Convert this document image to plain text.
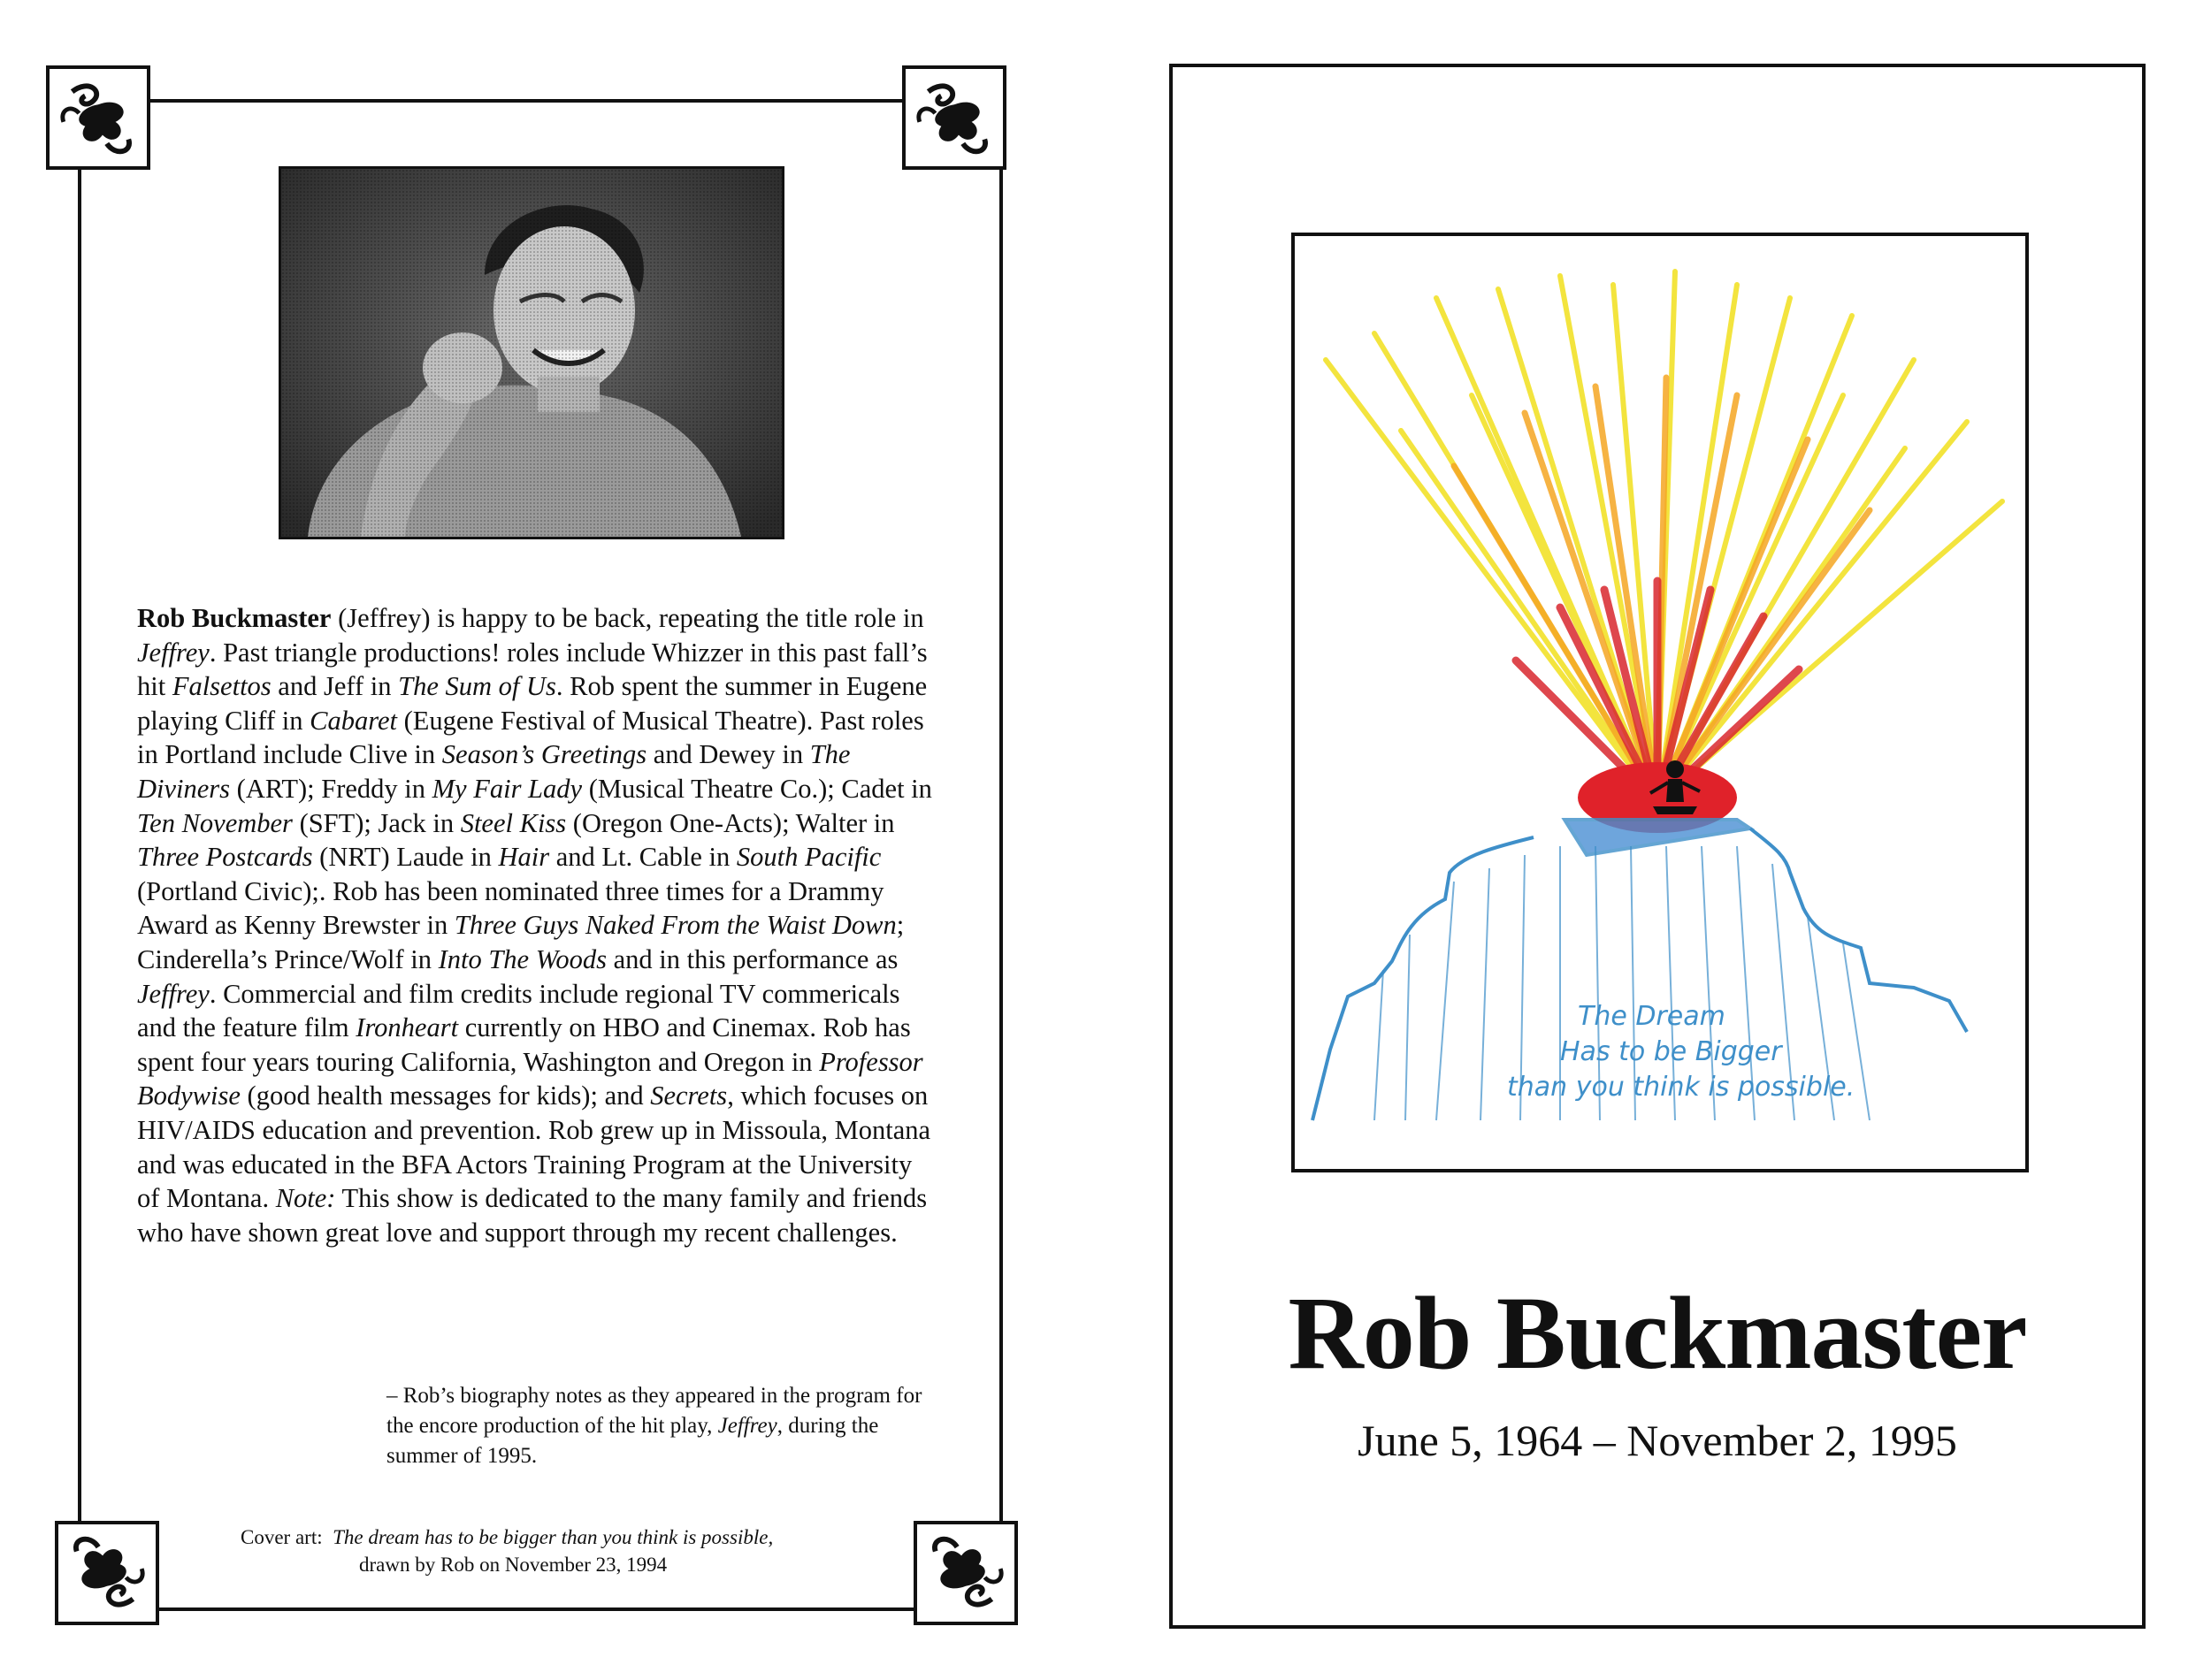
Rob Buckmaster (Jeffrey) is happy to be back, repeating the title role in Jeffrey. Past triangle productions! roles include Whizzer in this past fall’s hit Falsettos and Jeff in The Sum of Us. Rob spent the summer in Eugene playing Cliff in Cabaret (Eugene Festival of Musical Theatre). Past roles in Portland include Clive in Season’s Greetings and Dewey in The Diviners (ART); Freddy in My Fair Lady (Musical Theatre Co.); Cadet in Ten November (SFT); Jack in Steel Kiss (Oregon One-Acts); Walter in Three Postcards (NRT) Laude in Hair and Lt. Cable in South Pacific (Portland Civic);. Rob has been nominated three times for a Drammy Award as Kenny Brewster in Three Guys Naked From the Waist Down; Cinderella’s Prince/Wolf in Into The Woods and in this performance as Jeffrey. Commercial and film credits include regional TV commericals and the feature film Ironheart currently on HBO and Cinemax. Rob has spent four years touring California, Washington and Oregon in Professor Bodywise (good health messages for kids); and Secrets, which focuses on HIV/AIDS education and prevention. Rob grew up in Missoula, Montana and was educated in the BFA Actors Training Program at the University of Montana. Note: This show is dedicated to the many family and friends who have shown great love and support through my recent challenges.
– Rob’s biography notes as they appeared in the program for the encore production of the hit play, Jeffrey, during the summer of 1995.
Cover art: The dream has to be bigger than you think is possible,
drawn by Rob on November 23, 1994
The Dream
Has to be Bigger
than you think is possible.
Rob Buckmaster
June 5, 1964 – November 2, 1995
